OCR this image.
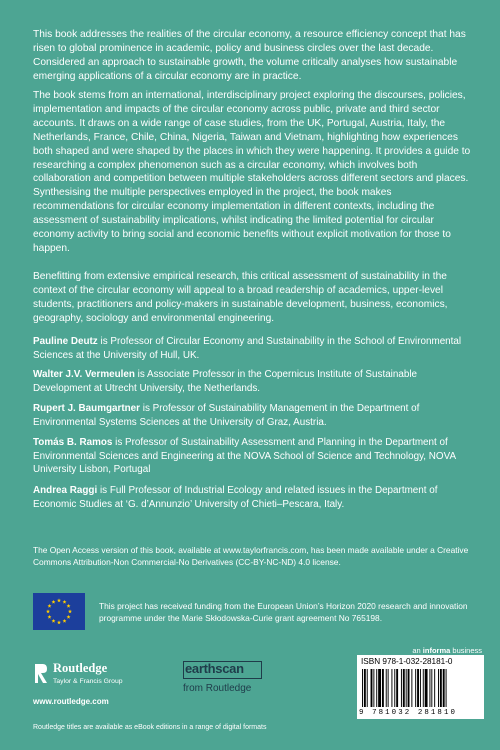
This book addresses the realities of the circular economy, a resource efficiency concept that has risen to global prominence in academic, policy and business circles over the last decade. Considered an approach to sustainable growth, the volume critically analyses how sustainable emerging applications of a circular economy are in practice.

The book stems from an international, interdisciplinary project exploring the discourses, policies, implementation and impacts of the circular economy across public, private and third sector accounts. It draws on a wide range of case studies, from the UK, Portugal, Austria, Italy, the Netherlands, France, Chile, China, Nigeria, Taiwan and Vietnam, highlighting how experiences both shaped and were shaped by the places in which they were happening. It provides a guide to researching a complex phenomenon such as a circular economy, which involves both collaboration and competition between multiple stakeholders across different sectors and places. Synthesising the multiple perspectives employed in the project, the book makes recommendations for circular economy implementation in different contexts, including the assessment of sustainability implications, whilst indicating the limited potential for circular economy activity to bring social and economic benefits without explicit motivation for those to happen.

Benefitting from extensive empirical research, this critical assessment of sustainability in the context of the circular economy will appeal to a broad readership of academics, upper-level students, practitioners and policy-makers in sustainable development, business, economics, geography, sociology and environmental engineering.

Pauline Deutz is Professor of Circular Economy and Sustainability in the School of Environmental Sciences at the University of Hull, UK.

Walter J.V. Vermeulen is Associate Professor in the Copernicus Institute of Sustainable Development at Utrecht University, the Netherlands.

Rupert J. Baumgartner is Professor of Sustainability Management in the Department of Environmental Systems Sciences at the University of Graz, Austria.

Tomás B. Ramos is Professor of Sustainability Assessment and Planning in the Department of Environmental Sciences and Engineering at the NOVA School of Science and Technology, NOVA University Lisbon, Portugal

Andrea Raggi is Full Professor of Industrial Ecology and related issues in the Department of Economic Studies at ‘G. d’Annunzio’ University of Chieti–Pescara, Italy.

The Open Access version of this book, available at www.taylorfrancis.com, has been made available under a Creative Commons Attribution-Non Commercial-No Derivatives (CC-BY-NC-ND) 4.0 license.

This project has received funding from the European Union’s Horizon 2020 research and innovation programme under the Marie Skłodowska-Curie grant agreement No 765198.

an informa business
Routledge
Taylor & Francis Group
www.routledge.com
earthscan
from Routledge
ISBN 978-1-032-28181-0
9 781032 281810
Routledge titles are available as eBook editions in a range of digital formats
